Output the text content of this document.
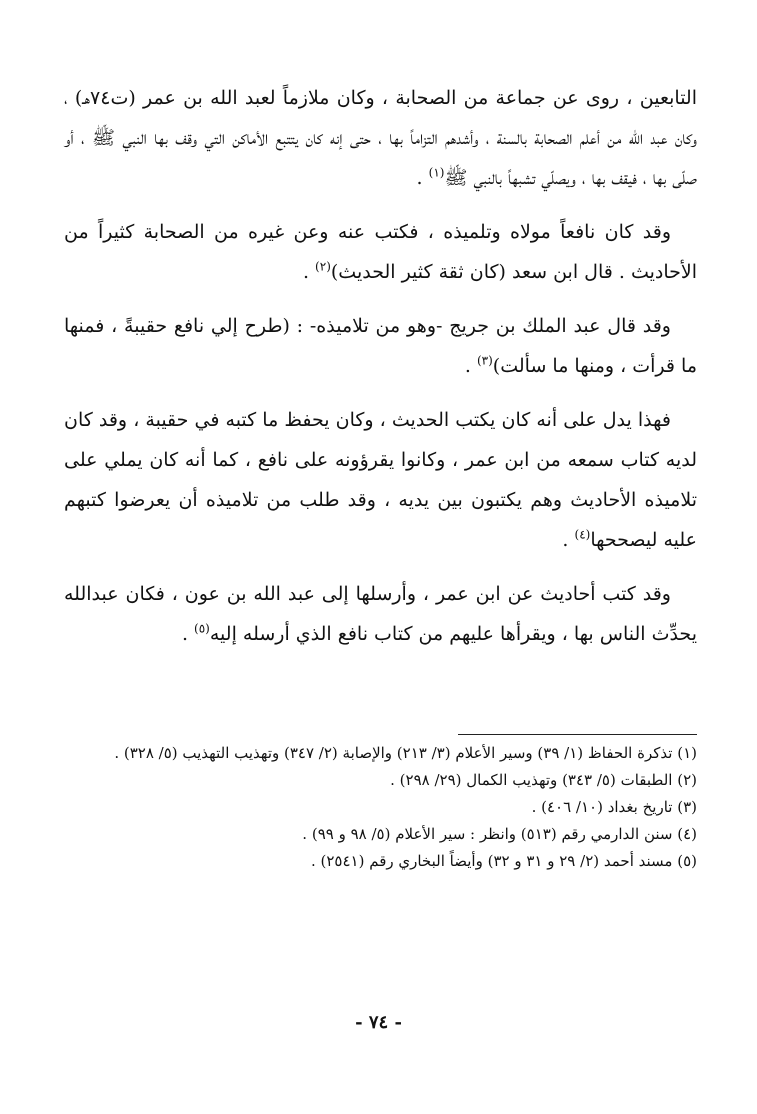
التابعين ، روى عن جماعة من الصحابة ، وكان ملازماً لعبد الله بن عمر (ت٧٤هـ) ، وكان عبد الله من أعلم الصحابة بالسنة ، وأشدهم التزاماً بها ، حتى إنه كان يتتبع الأماكن التي وقف بها النبي ﷺ ، أو صلّى بها ، فيقف بها ، ويصلّي تشبهاً بالنبي ﷺ$^{(١)}$ .

وقد كان نافعاً مولاه وتلميذه ، فكتب عنه وعن غيره من الصحابة كثيراً من الأحاديث . قال ابن سعد (كان ثقة كثير الحديث)$^{(٢)}$ .

وقد قال عبد الملك بن جريج -وهو من تلاميذه- : (طرح إلي نافع حقيبةً ، فمنها ما قرأت ، ومنها ما سألت)$^{(٣)}$ .

فهذا يدل على أنه كان يكتب الحديث ، وكان يحفظ ما كتبه في حقيبة ، وقد كان لديه كتاب سمعه من ابن عمر ، وكانوا يقرؤونه على نافع ، كما أنه كان يملي على تلاميذه الأحاديث وهم يكتبون بين يديه ، وقد طلب من تلاميذه أن يعرضوا كتبهم عليه ليصححها$^{(٤)}$ .

وقد كتب أحاديث عن ابن عمر ، وأرسلها إلى عبد الله بن عون ، فكان عبدالله يحدِّث الناس بها ، ويقرأها عليهم من كتاب نافع الذي أرسله إليه$^{(٥)}$ .

(١) تذكرة الحفاظ (١/ ٣٩) وسير الأعلام (٣/ ٢١٣) والإصابة (٢/ ٣٤٧) وتهذيب التهذيب (٥/ ٣٢٨) .

(٢) الطبقات (٥/ ٣٤٣) وتهذيب الكمال (٢٩/ ٢٩٨) .

(٣) تاريخ بغداد (١٠/ ٤٠٦) .

(٤) سنن الدارمي رقم (٥١٣) وانظر : سير الأعلام (٥/ ٩٨ و ٩٩) .

(٥) مسند أحمد (٢/ ٢٩ و ٣١ و ٣٢) وأيضاً البخاري رقم (٢٥٤١) .

- ٧٤ -
